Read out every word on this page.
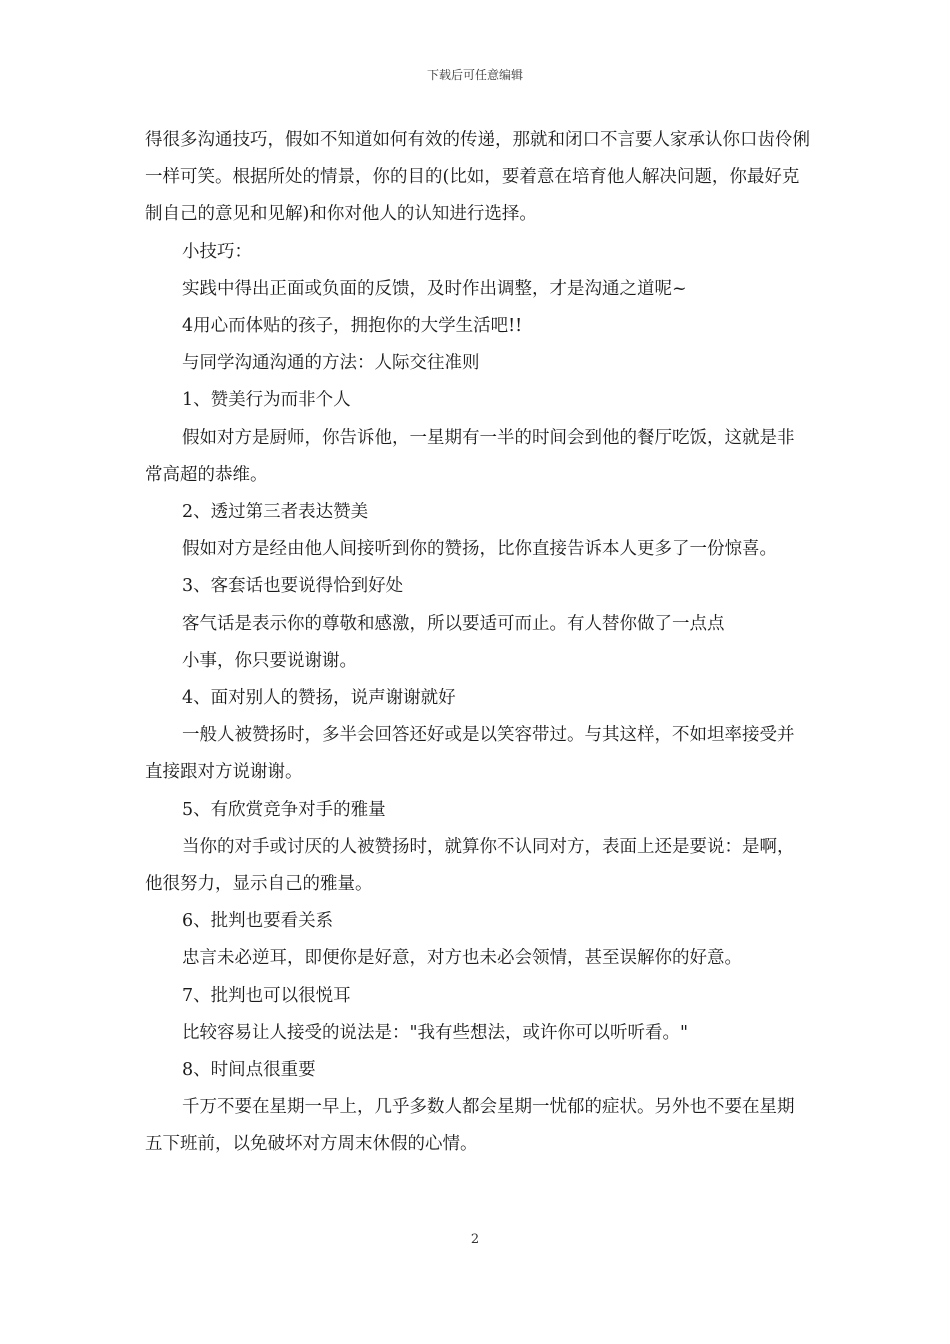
下载后可任意编辑

得很多沟通技巧，假如不知道如何有效的传递，那就和闭口不言要人家承认你口齿伶俐一样可笑。根据所处的情景，你的目的(比如，要着意在培育他人解决问题，你最好克制自己的意见和见解)和你对他人的认知进行选择。

小技巧：

实践中得出正面或负面的反馈，及时作出调整，才是沟通之道呢~

4用心而体贴的孩子，拥抱你的大学生活吧!!

与同学沟通沟通的方法：人际交往准则

1、赞美行为而非个人

假如对方是厨师，你告诉他，一星期有一半的时间会到他的餐厅吃饭，这就是非常高超的恭维。

2、透过第三者表达赞美

假如对方是经由他人间接听到你的赞扬，比你直接告诉本人更多了一份惊喜。

3、客套话也要说得恰到好处

客气话是表示你的尊敬和感激，所以要适可而止。有人替你做了一点点

小事，你只要说谢谢。

4、面对别人的赞扬，说声谢谢就好

一般人被赞扬时，多半会回答还好或是以笑容带过。与其这样，不如坦率接受并直接跟对方说谢谢。

5、有欣赏竞争对手的雅量

当你的对手或讨厌的人被赞扬时，就算你不认同对方，表面上还是要说：是啊，他很努力，显示自己的雅量。

6、批判也要看关系

忠言未必逆耳，即便你是好意，对方也未必会领情，甚至误解你的好意。

7、批判也可以很悦耳

比较容易让人接受的说法是："我有些想法，或许你可以听听看。"

8、时间点很重要

千万不要在星期一早上，几乎多数人都会星期一忧郁的症状。另外也不要在星期五下班前，以免破坏对方周末休假的心情。

2
